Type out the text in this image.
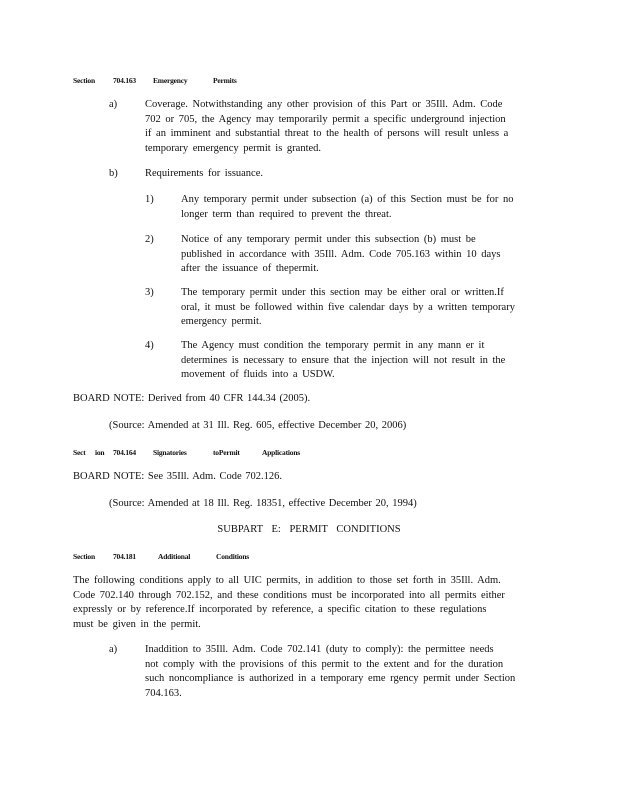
Section 704.163 Emergency	Permits
a)	Coverage. Notwithstanding any other provision of this Part or 35Ill. Adm. Code

702 or 705, the Agency may temporarily permit a specific underground injection

if an imminent and substantial threat to the health of persons will result unless a

temporary emergency permit is granted.

b)	Requirements for issuance.
1)	Any temporary permit under subsection (a) of this Section must be for no

longer term than required to prevent the threat.

2)	Notice of any temporary permit under this subsection (b) must be

published in accordance with 35Ill. Adm. Code 705.163 within 10 days

after the issuance of thepermit.

3)	The temporary permit under this section may be either oral or written.If

oral, it must be followed within five calendar days by a written temporary

emergency permit.

4)	The Agency must condition the temporary permit in any mann er it

determines is necessary to ensure that the injection will not result in the

movement of fluids into a USDW.

BOARD NOTE: Derived from 40 CFR 144.34 (2005).
(Source: Amended at 31 Ill. Reg. 605, effective December 20, 2006)
Sect ion 704.164 Signatories	toPermit	Applications
BOARD NOTE: See 35Ill. Adm. Code 702.126.
(Source: Amended at 18 Ill. Reg. 18351, effective December 20, 1994)
SUBPART E: PERMIT CONDITIONS
Section 704.181	Additional	Conditions

The following conditions apply to all UIC permits, in addition to those set forth in 35Ill. Adm.

Code 702.140 through 702.152, and these conditions must be incorporated into all permits either

expressly or by reference.If incorporated by reference, a specific citation to these regulations

must be given in the permit.

a)	Inaddition to 35Ill. Adm. Code 702.141 (duty to comply): the permittee needs

not comply with the provisions of this permit to the extent and for the duration

such noncompliance is authorized in a temporary eme rgency permit under Section

704.163.
